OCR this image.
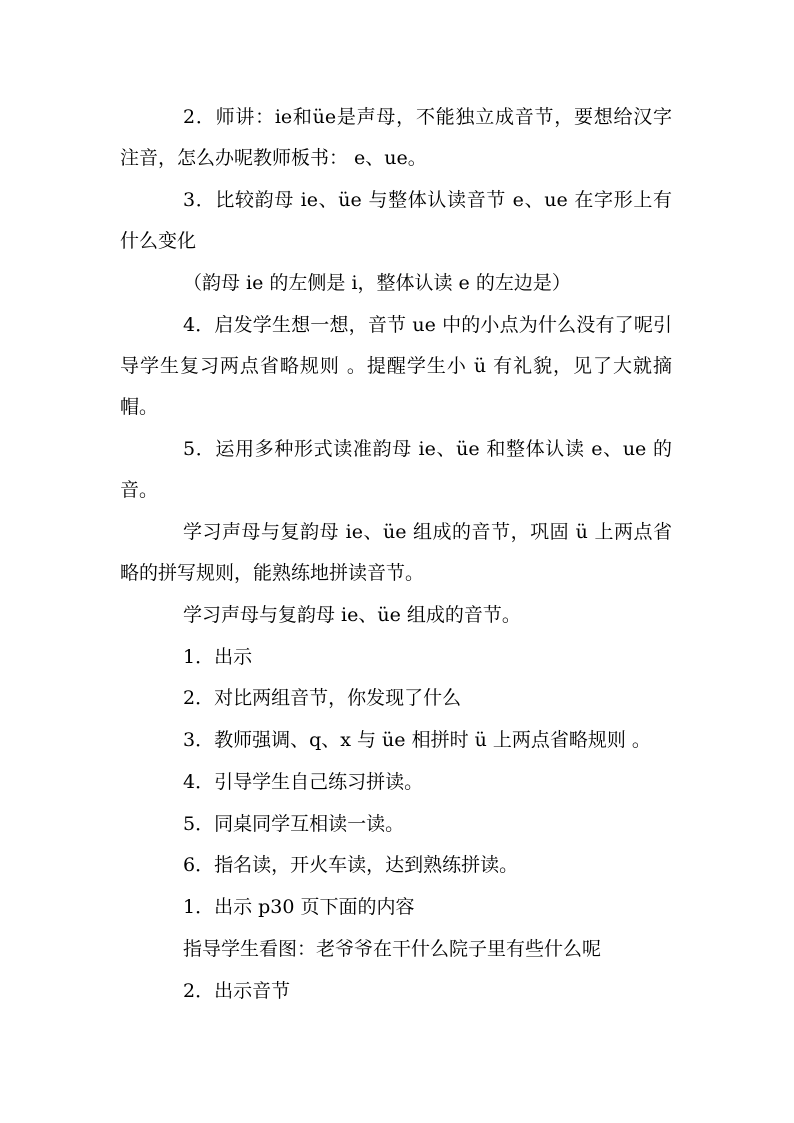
2．师讲：ie和üe是声母，不能独立成音节，要想给汉字注音，怎么办呢教师板书： e、ue。

3．比较韵母 ie、üe 与整体认读音节 e、ue 在字形上有什么变化

（韵母 ie 的左侧是 i，整体认读 e 的左边是）

4．启发学生想一想，音节 ue 中的小点为什么没有了呢引导学生复习两点省略规则 。提醒学生小 ü 有礼貌，见了大就摘帽。

5．运用多种形式读准韵母 ie、üe 和整体认读 e、ue 的音。

学习声母与复韵母 ie、üe 组成的音节，巩固 ü 上两点省略的拼写规则，能熟练地拼读音节。

学习声母与复韵母 ie、üe 组成的音节。

1．出示

2．对比两组音节，你发现了什么

3．教师强调、q、x 与 üe 相拼时 ü 上两点省略规则 。

4．引导学生自己练习拼读。

5．同桌同学互相读一读。

6．指名读，开火车读，达到熟练拼读。

1．出示 p30 页下面的内容

指导学生看图：老爷爷在干什么院子里有些什么呢

2．出示音节
